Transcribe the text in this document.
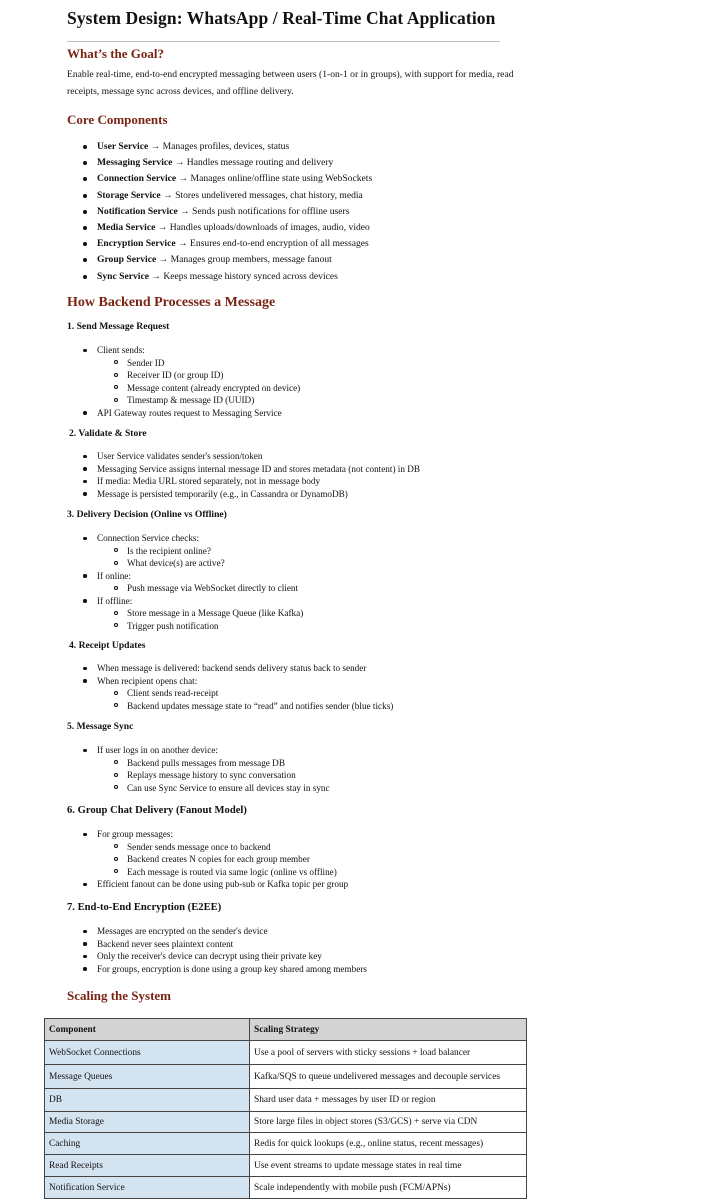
System Design: WhatsApp / Real-Time Chat Application
What’s the Goal?

Enable real-time, end-to-end encrypted messaging between users (1-on-1 or in groups), with support for media, read receipts, message sync across devices, and offline delivery.

Core Components
User Service → Manages profiles, devices, status
Messaging Service → Handles message routing and delivery
Connection Service → Manages online/offline state using WebSockets
Storage Service → Stores undelivered messages, chat history, media
Notification Service → Sends push notifications for offline users
Media Service → Handles uploads/downloads of images, audio, video
Encryption Service → Ensures end-to-end encryption of all messages
Group Service → Manages group members, message fanout
Sync Service → Keeps message history synced across devices
How Backend Processes a Message
1. Send Message Request
Client sends:
Sender ID
Receiver ID (or group ID)
Message content (already encrypted on device)
Timestamp & message ID (UUID)
API Gateway routes request to Messaging Service
2. Validate & Store
User Service validates sender's session/token
Messaging Service assigns internal message ID and stores metadata (not content) in DB
If media: Media URL stored separately, not in message body
Message is persisted temporarily (e.g., in Cassandra or DynamoDB)
3. Delivery Decision (Online vs Offline)
Connection Service checks:
Is the recipient online?
What device(s) are active?
If online:
Push message via WebSocket directly to client
If offline:
Store message in a Message Queue (like Kafka)
Trigger push notification
4. Receipt Updates
When message is delivered: backend sends delivery status back to sender
When recipient opens chat:
Client sends read-receipt
Backend updates message state to “read” and notifies sender (blue ticks)
5. Message Sync
If user logs in on another device:
Backend pulls messages from message DB
Replays message history to sync conversation
Can use Sync Service to ensure all devices stay in sync
6. Group Chat Delivery (Fanout Model)
For group messages:
Sender sends message once to backend
Backend creates N copies for each group member
Each message is routed via same logic (online vs offline)
Efficient fanout can be done using pub-sub or Kafka topic per group
7. End-to-End Encryption (E2EE)
Messages are encrypted on the sender's device
Backend never sees plaintext content
Only the receiver's device can decrypt using their private key
For groups, encryption is done using a group key shared among members
Scaling the System
Component	Scaling Strategy
WebSocket Connections	Use a pool of servers with sticky sessions + load balancer
Message Queues	Kafka/SQS to queue undelivered messages and decouple services
DB	Shard user data + messages by user ID or region
Media Storage	Store large files in object stores (S3/GCS) + serve via CDN
Caching	Redis for quick lookups (e.g., online status, recent messages)
Read Receipts	Use event streams to update message states in real time
Notification Service	Scale independently with mobile push (FCM/APNs)
